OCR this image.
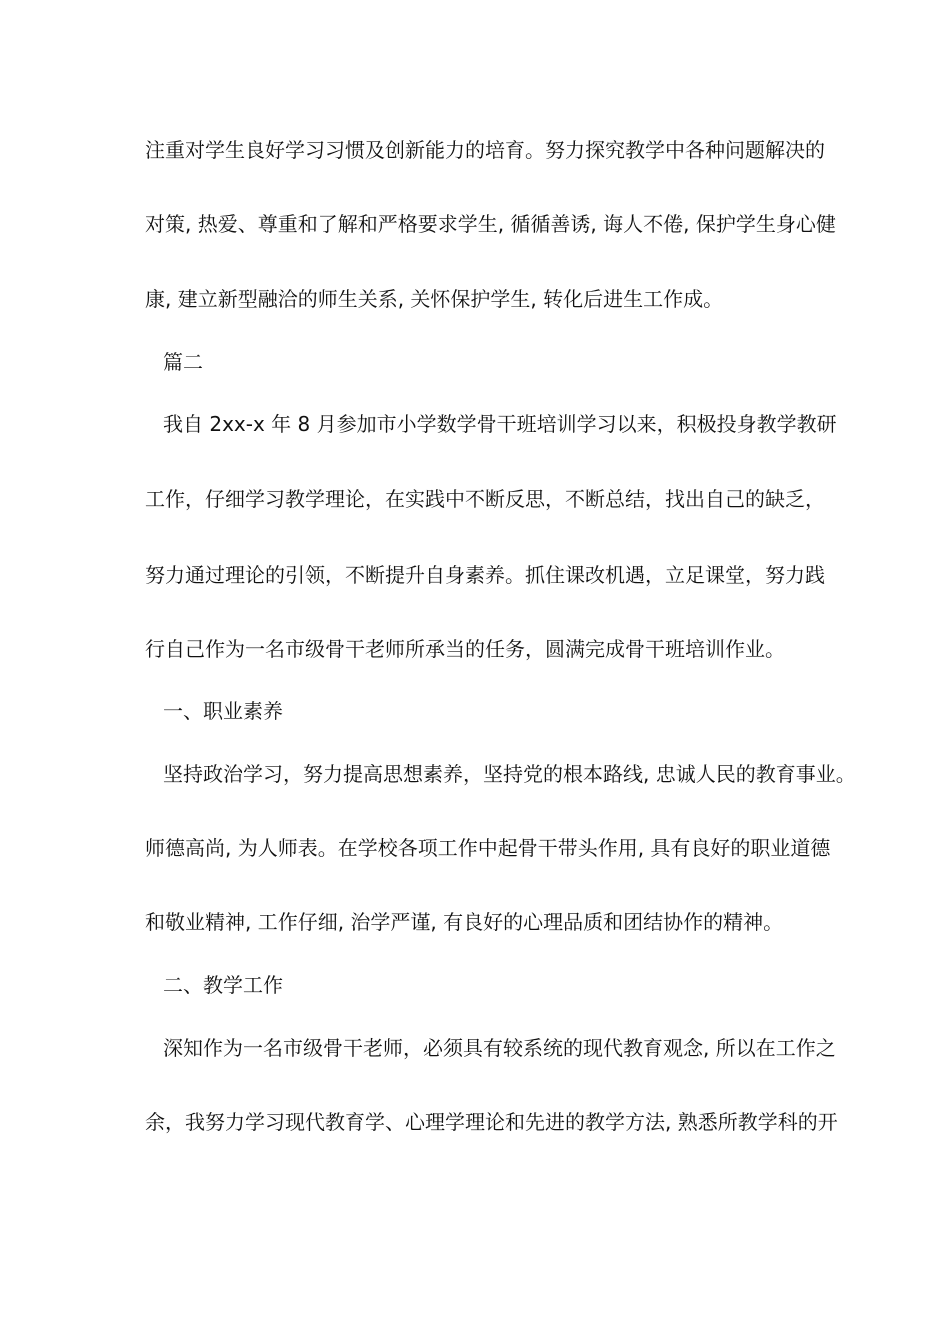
注重对学生良好学习习惯及创新能力的培育。努力探究教学中各种问题解决的
对策, 热爱、尊重和了解和严格要求学生, 循循善诱, 诲人不倦, 保护学生身心健
康, 建立新型融洽的师生关系, 关怀保护学生, 转化后进生工作成。
篇二
我自 2xx-x 年 8 月参加市小学数学骨干班培训学习以来，积极投身教学教研
工作，仔细学习教学理论，在实践中不断反思，不断总结，找出自己的缺乏，
努力通过理论的引领，不断提升自身素养。抓住课改机遇，立足课堂，努力践
行自己作为一名市级骨干老师所承当的任务，圆满完成骨干班培训作业。
一、职业素养
坚持政治学习，努力提高思想素养，坚持党的根本路线, 忠诚人民的教育事业。
师德高尚, 为人师表。在学校各项工作中起骨干带头作用, 具有良好的职业道德
和敬业精神, 工作仔细, 治学严谨, 有良好的心理品质和团结协作的精神。
二、教学工作
深知作为一名市级骨干老师，必须具有较系统的现代教育观念, 所以在工作之
余，我努力学习现代教育学、心理学理论和先进的教学方法, 熟悉所教学科的开
